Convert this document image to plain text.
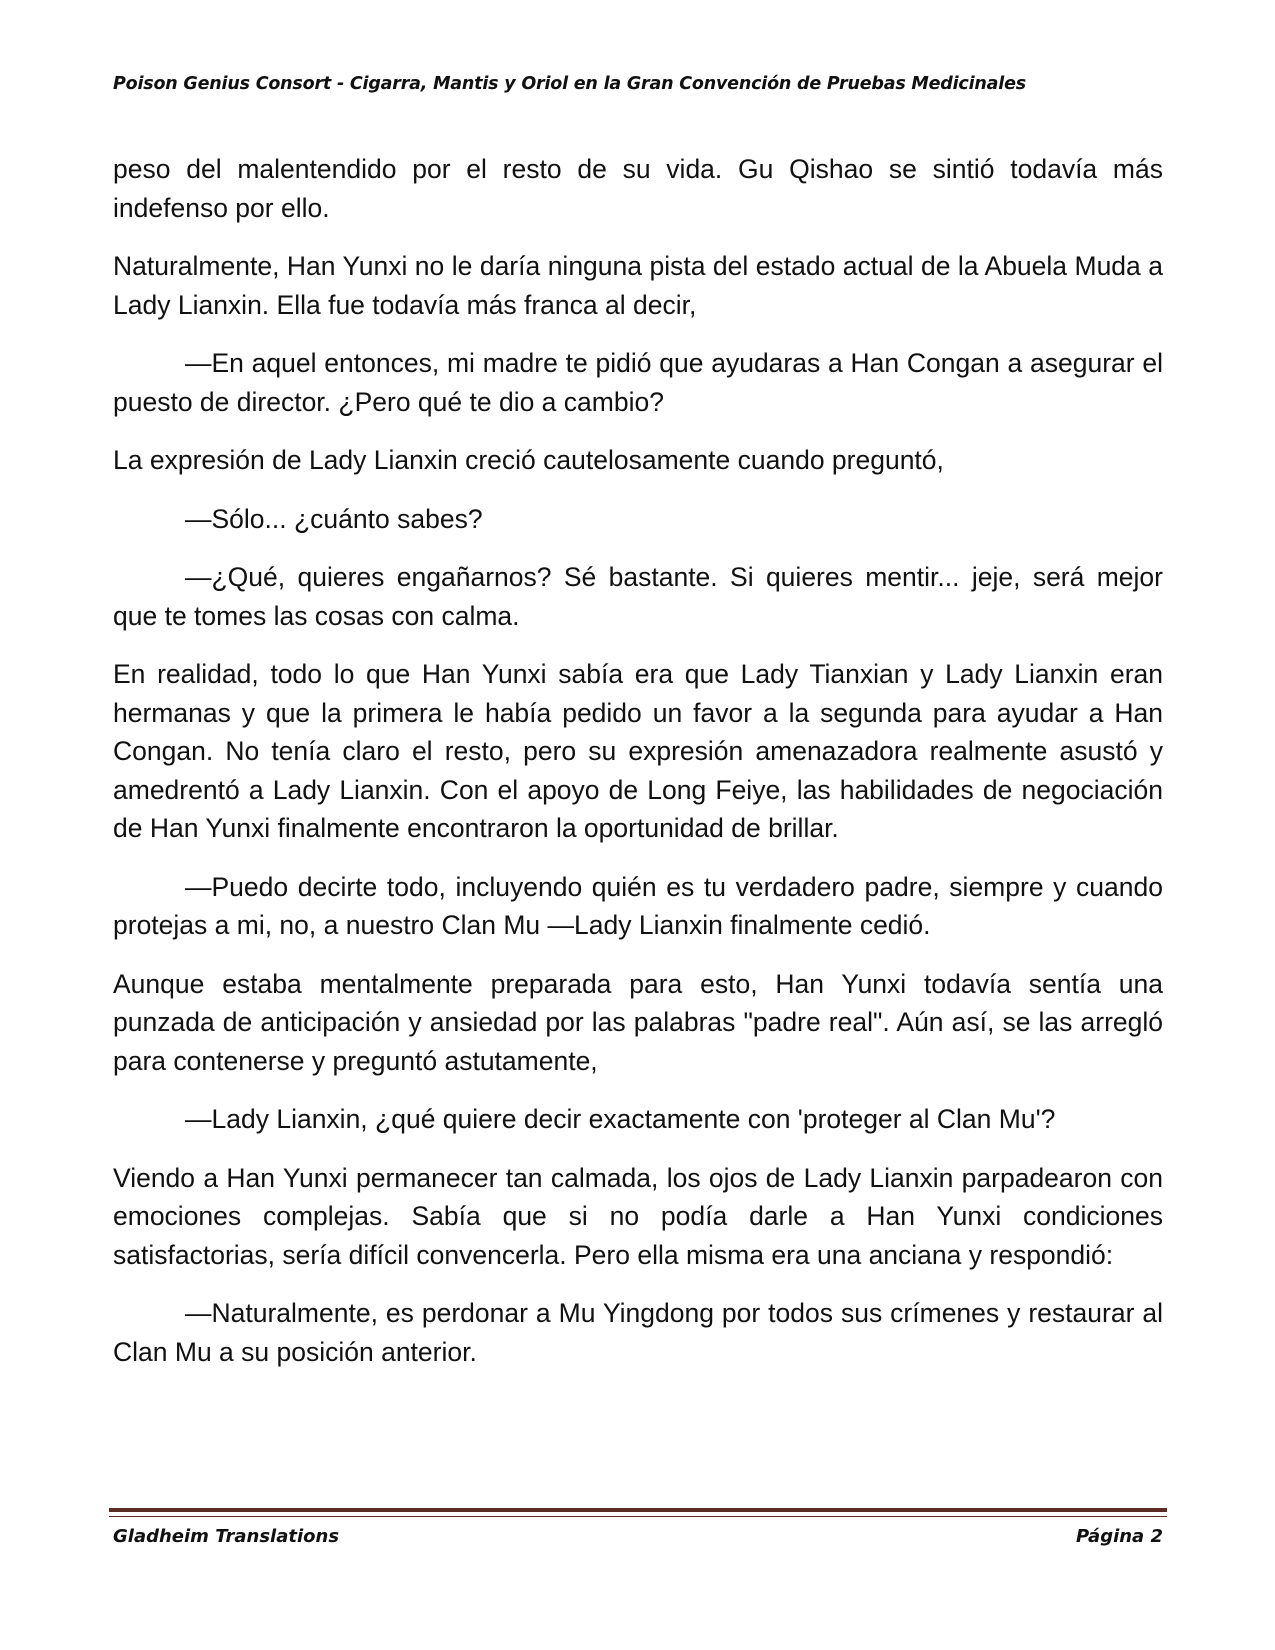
Poison Genius Consort - Cigarra, Mantis y Oriol en la Gran Convención de Pruebas Medicinales

peso del malentendido por el resto de su vida. Gu Qishao se sintió todavía más indefenso por ello.

Naturalmente, Han Yunxi no le daría ninguna pista del estado actual de la Abuela Muda a Lady Lianxin. Ella fue todavía más franca al decir,

—En aquel entonces, mi madre te pidió que ayudaras a Han Congan a asegurar el puesto de director. ¿Pero qué te dio a cambio?

La expresión de Lady Lianxin creció cautelosamente cuando preguntó,

—Sólo... ¿cuánto sabes?

—¿Qué, quieres engañarnos? Sé bastante. Si quieres mentir... jeje, será mejor que te tomes las cosas con calma.

En realidad, todo lo que Han Yunxi sabía era que Lady Tianxian y Lady Lianxin eran hermanas y que la primera le había pedido un favor a la segunda para ayudar a Han Congan. No tenía claro el resto, pero su expresión amenazadora realmente asustó y amedrentó a Lady Lianxin. Con el apoyo de Long Feiye, las habilidades de negociación de Han Yunxi finalmente encontraron la oportunidad de brillar.

—Puedo decirte todo, incluyendo quién es tu verdadero padre, siempre y cuando protejas a mi, no, a nuestro Clan Mu —Lady Lianxin finalmente cedió.

Aunque estaba mentalmente preparada para esto, Han Yunxi todavía sentía una punzada de anticipación y ansiedad por las palabras "padre real". Aún así, se las arregló para contenerse y preguntó astutamente,

—Lady Lianxin, ¿qué quiere decir exactamente con 'proteger al Clan Mu'?

Viendo a Han Yunxi permanecer tan calmada, los ojos de Lady Lianxin parpadearon con emociones complejas. Sabía que si no podía darle a Han Yunxi condiciones satisfactorias, sería difícil convencerla. Pero ella misma era una anciana y respondió:

—Naturalmente, es perdonar a Mu Yingdong por todos sus crímenes y restaurar al Clan Mu a su posición anterior.

Gladheim Translations	Página 2
